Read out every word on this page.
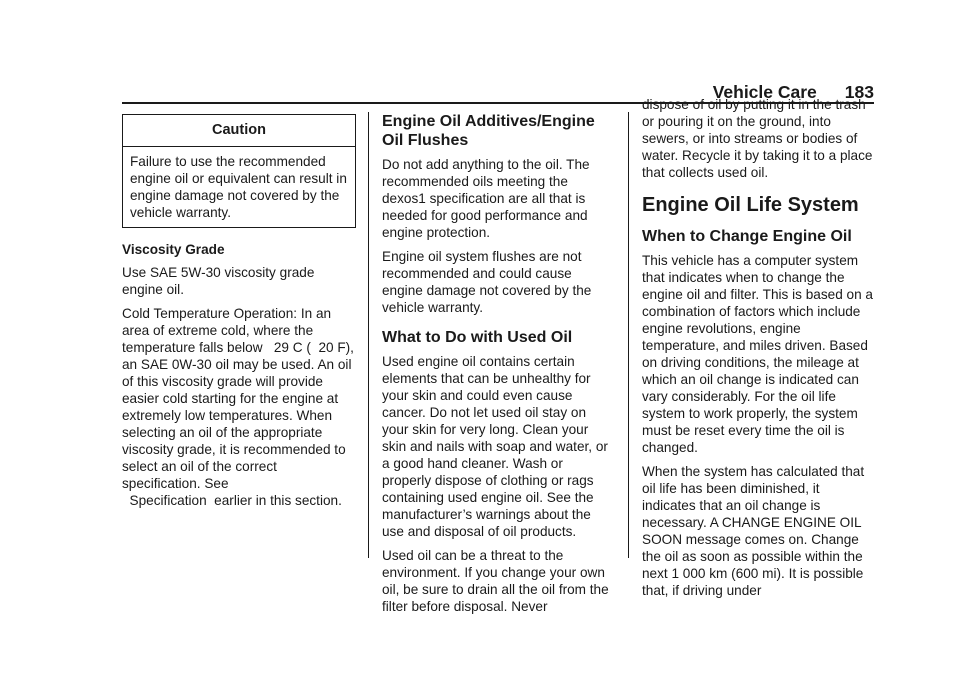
Vehicle Care 183
Caution

Failure to use the recommended engine oil or equivalent can result in engine damage not covered by the vehicle warranty.

Viscosity Grade

Use SAE 5W-30 viscosity grade engine oil.

Cold Temperature Operation: In an area of extreme cold, where the temperature falls below   29 C (  20 F), an SAE 0W-30 oil may be used. An oil of this viscosity grade will provide easier cold starting for the engine at extremely low temperatures. When selecting an oil of the appropriate viscosity grade, it is recommended to select an oil of the correct specification. See   Specification  earlier in this section.

Engine Oil Additives/Engine Oil Flushes

Do not add anything to the oil. The recommended oils meeting the dexos1 specification are all that is needed for good performance and engine protection.

Engine oil system flushes are not recommended and could cause engine damage not covered by the vehicle warranty.

What to Do with Used Oil

Used engine oil contains certain elements that can be unhealthy for your skin and could even cause cancer. Do not let used oil stay on your skin for very long. Clean your skin and nails with soap and water, or a good hand cleaner. Wash or properly dispose of clothing or rags containing used engine oil. See the manufacturer’s warnings about the use and disposal of oil products.

Used oil can be a threat to the environment. If you change your own oil, be sure to drain all the oil from the filter before disposal. Never

dispose of oil by putting it in the trash or pouring it on the ground, into sewers, or into streams or bodies of water. Recycle it by taking it to a place that collects used oil.

Engine Oil Life System
When to Change Engine Oil

This vehicle has a computer system that indicates when to change the engine oil and filter. This is based on a combination of factors which include engine revolutions, engine temperature, and miles driven. Based on driving conditions, the mileage at which an oil change is indicated can vary considerably. For the oil life system to work properly, the system must be reset every time the oil is changed.

When the system has calculated that oil life has been diminished, it indicates that an oil change is necessary. A CHANGE ENGINE OIL SOON message comes on. Change the oil as soon as possible within the next 1 000 km (600 mi). It is possible that, if driving under
